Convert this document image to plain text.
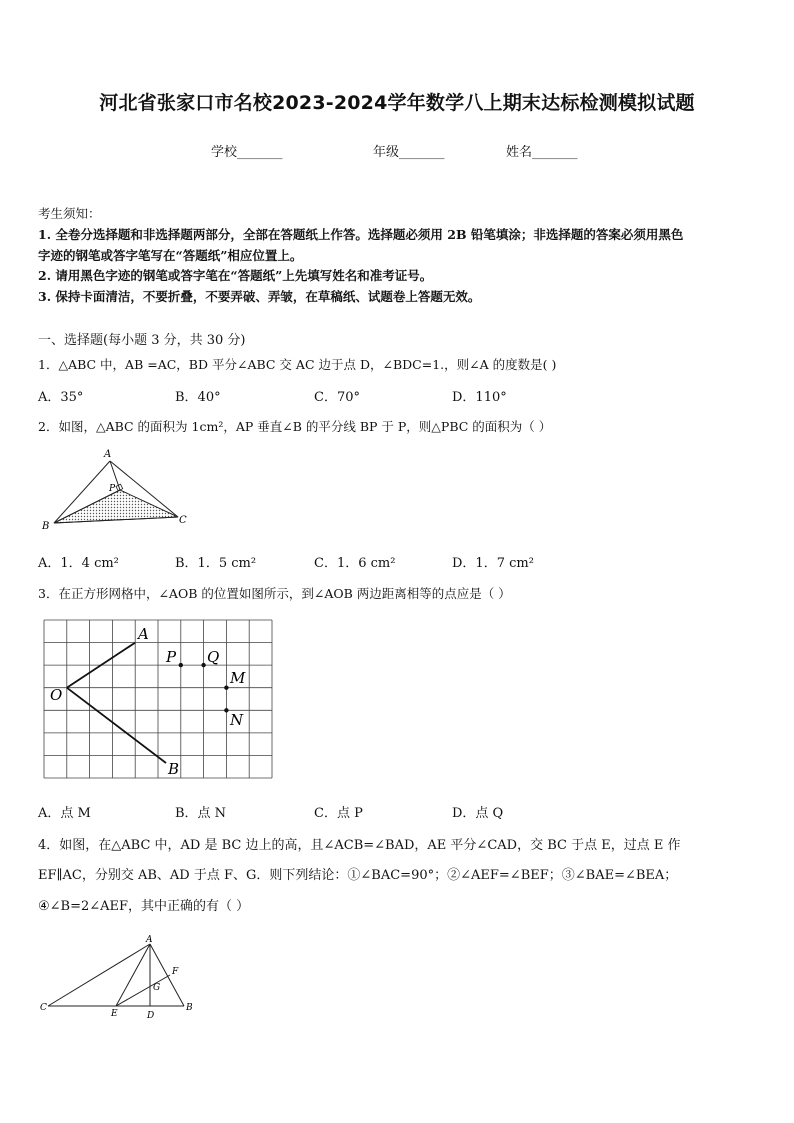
河北省张家口市名校2023-2024学年数学八上期末达标检测模拟试题
学校_______	年级_______	姓名_______
考生须知：
1. 全卷分选择题和非选择题两部分，全部在答题纸上作答。选择题必须用 2B 铅笔填涂；非选择题的答案必须用黑色
字迹的钢笔或答字笔写在“答题纸”相应位置上。
2. 请用黑色字迹的钢笔或答字笔在“答题纸”上先填写姓名和准考证号。
3. 保持卡面清洁，不要折叠，不要弄破、弄皱，在草稿纸、试题卷上答题无效。
一、选择题(每小题 3 分，共 30 分)
1．△ABC 中，AB =AC，BD 平分∠ABC 交 AC 边于点 D，∠BDC=1.，则∠A 的度数是( )
A．35°	B．40°	C．70°	D．110°
2．如图，△ABC 的面积为 1cm²，AP 垂直∠B 的平分线 BP 于 P，则△PBC 的面积为（ ）
A
B
C
P
A．1．4 cm²	B．1．5 cm²	C．1．6 cm²	D．1．7 cm²
3．在正方形网格中，∠AOB 的位置如图所示，到∠AOB 两边距离相等的点应是（ ）
A
B
O
P Q
M
N
A．点 M	B．点 N	C．点 P	D．点 Q
4．如图，在△ABC 中，AD 是 BC 边上的高，且∠ACB=∠BAD，AE 平分∠CAD，交 BC 于点 E，过点 E 作
EF∥AC，分别交 AB、AD 于点 F、G．则下列结论：①∠BAC=90°；②∠AEF=∠BEF；③∠BAE=∠BEA；
④∠B=2∠AEF，其中正确的有（ ）
A
C	B
D
E
F
G
